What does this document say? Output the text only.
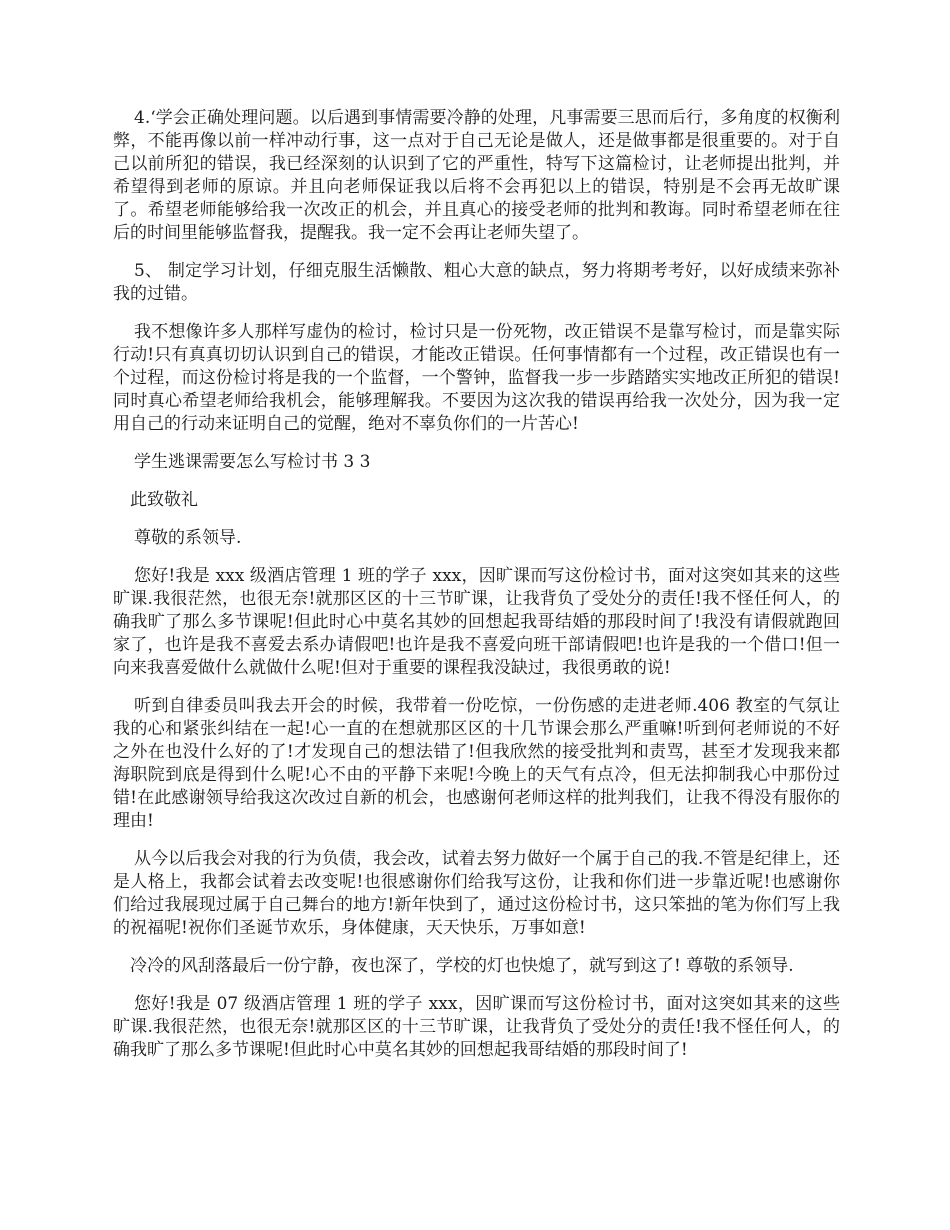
4.‘学会正确处理问题。以后遇到事情需要冷静的处理，凡事需要三思而后行，多角度的权衡利弊，不能再像以前一样冲动行事，这一点对于自己无论是做人，还是做事都是很重要的。对于自己以前所犯的错误，我已经深刻的认识到了它的严重性，特写下这篇检讨，让老师提出批判，并希望得到老师的原谅。并且向老师保证我以后将不会再犯以上的错误，特别是不会再无故旷课了。希望老师能够给我一次改正的机会，并且真心的接受老师的批判和教诲。同时希望老师在往后的时间里能够监督我，提醒我。我一定不会再让老师失望了。

5、 制定学习计划，仔细克服生活懒散、粗心大意的缺点，努力将期考考好，以好成绩来弥补我的过错。

我不想像许多人那样写虚伪的检讨，检讨只是一份死物，改正错误不是靠写检讨，而是靠实际行动!只有真真切切认识到自己的错误，才能改正错误。任何事情都有一个过程，改正错误也有一个过程，而这份检讨将是我的一个监督，一个警钟，监督我一步一步踏踏实实地改正所犯的错误!同时真心希望老师给我机会，能够理解我。不要因为这次我的错误再给我一次处分，因为我一定用自己的行动来证明自己的觉醒，绝对不辜负你们的一片苦心!

学生逃课需要怎么写检讨书 3 3

此致敬礼

尊敬的系领导.

您好!我是 xxx 级酒店管理 1 班的学子 xxx，因旷课而写这份检讨书，面对这突如其来的这些旷课.我很茫然，也很无奈!就那区区的十三节旷课，让我背负了受处分的责任!我不怪任何人，的确我旷了那么多节课呢!但此时心中莫名其妙的回想起我哥结婚的那段时间了!我没有请假就跑回家了，也许是我不喜爱去系办请假吧!也许是我不喜爱向班干部请假吧!也许是我的一个借口!但一向来我喜爱做什么就做什么呢!但对于重要的课程我没缺过，我很勇敢的说!

听到自律委员叫我去开会的时候，我带着一份吃惊，一份伤感的走进老师.406 教室的气氛让我的心和紧张纠结在一起!心一直的在想就那区区的十几节课会那么严重嘛!听到何老师说的不好之外在也没什么好的了!才发现自己的想法错了!但我欣然的接受批判和责骂，甚至才发现我来都海职院到底是得到什么呢!心不由的平静下来呢!今晚上的天气有点冷，但无法抑制我心中那份过错!在此感谢领导给我这次改过自新的机会，也感谢何老师这样的批判我们，让我不得没有服你的理由!

从今以后我会对我的行为负债，我会改，试着去努力做好一个属于自己的我.不管是纪律上，还是人格上，我都会试着去改变呢!也很感谢你们给我写这份，让我和你们进一步靠近呢!也感谢你们给过我展现过属于自己舞台的地方!新年快到了，通过这份检讨书，这只笨拙的笔为你们写上我的祝福呢!祝你们圣诞节欢乐，身体健康，天天快乐，万事如意!

冷冷的风刮落最后一份宁静，夜也深了，学校的灯也快熄了，就写到这了! 尊敬的系领导.

您好!我是 07 级酒店管理 1 班的学子 xxx，因旷课而写这份检讨书，面对这突如其来的这些旷课.我很茫然，也很无奈!就那区区的十三节旷课，让我背负了受处分的责任!我不怪任何人，的确我旷了那么多节课呢!但此时心中莫名其妙的回想起我哥结婚的那段时间了!
